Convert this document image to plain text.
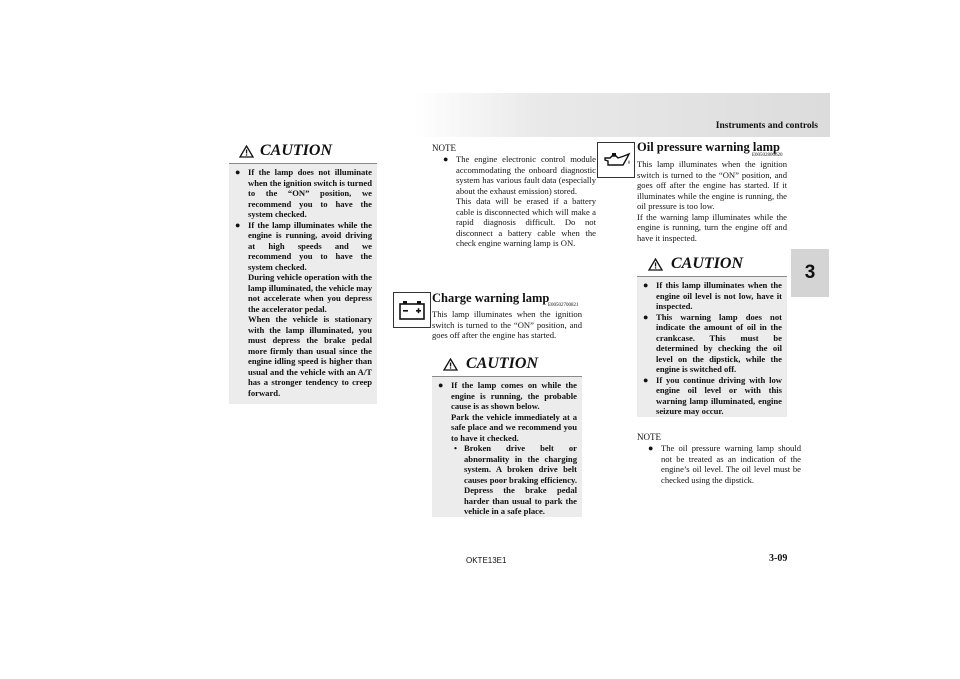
Instruments and controls
3
CAUTION
● If the lamp does not illuminate when the ignition switch is turned to the “ON” position, we recommend you to have the system checked.

● If the lamp illuminates while the engine is running, avoid driving at high speeds and we recommend you to have the system checked.

During vehicle operation with the lamp illuminated, the vehicle may not accelerate when you depress the accelerator pedal.

When the vehicle is stationary with the lamp illuminated, you must depress the brake pedal more firmly than usual since the engine idling speed is higher than usual and the vehicle with an A/T has a stronger tendency to creep forward.

NOTE
● The engine electronic control module accommodating the onboard diagnostic system has various fault data (especially about the exhaust emission) stored.

This data will be erased if a battery cable is disconnected which will make a rapid diagnosis difficult. Do not disconnect a battery cable when the check engine warning lamp is ON.

Charge warning lamp
E00502700821
This lamp illuminates when the ignition switch is turned to the “ON” position, and goes off after the engine has started.
CAUTION
● If the lamp comes on while the engine is running, the probable cause is as shown below.

Park the vehicle immediately at a safe place and we recommend you to have it checked.

• Broken drive belt or abnormality in the charging system. A broken drive belt causes poor braking efficiency. Depress the brake pedal harder than usual to park the vehicle in a safe place.

Oil pressure warning lamp
E00502800620
This lamp illuminates when the ignition switch is turned to the “ON” position, and goes off after the engine has started. If it illuminates while the engine is running, the oil pressure is too low.
If the warning lamp illuminates while the engine is running, turn the engine off and have it inspected.
CAUTION
● If this lamp illuminates when the engine oil level is not low, have it inspected.

● This warning lamp does not indicate the amount of oil in the crankcase. This must be determined by checking the oil level on the dipstick, while the engine is switched off.

● If you continue driving with low engine oil level or with this warning lamp illuminated, engine seizure may occur.

NOTE
● The oil pressure warning lamp should not be treated as an indication of the engine’s oil level. The oil level must be checked using the dipstick.

OKTE13E1	3-09
